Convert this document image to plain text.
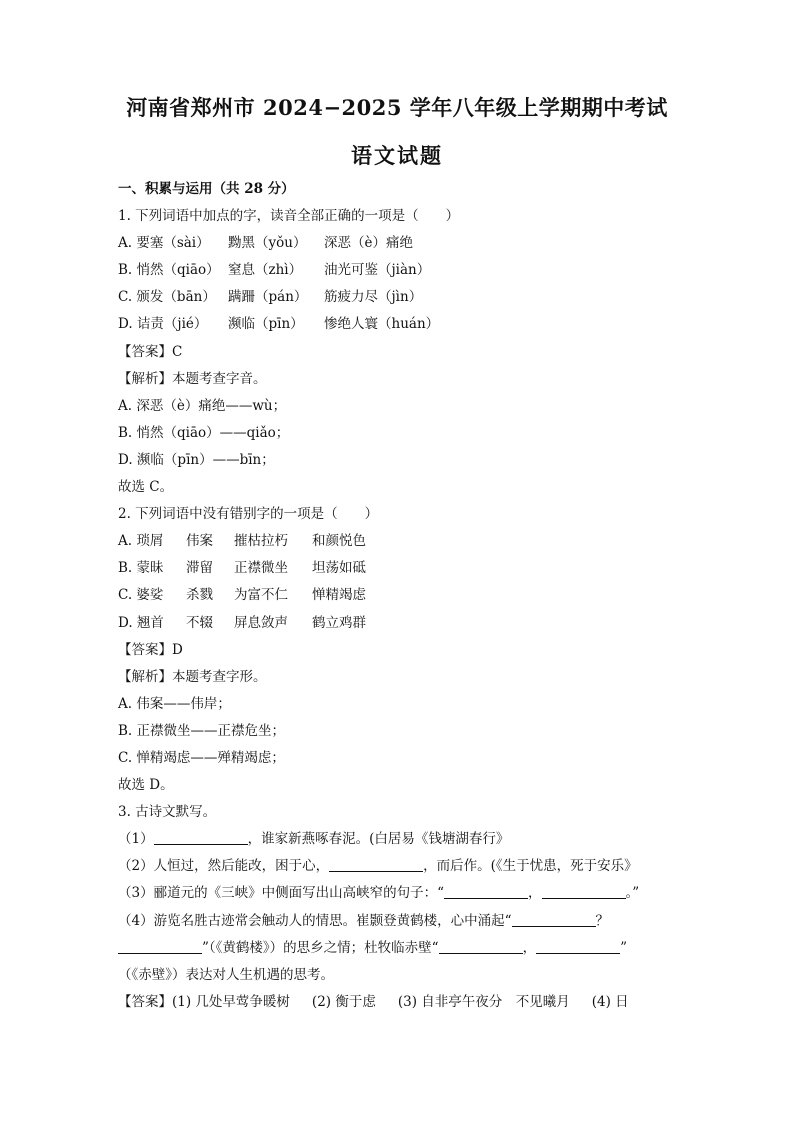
河南省郑州市 2024−2025 学年八年级上学期期中考试
语文试题
一、积累与运用（共 28 分）
1. 下列词语中加点的字，读音全部正确的一项是（　　）
A. 要塞（sài） 黝黑（yǒu） 深恶（è）痛绝
B. 悄然（qiāo） 窒息（zhì） 油光可鉴（jiàn）
C. 颁发（bān） 蹒跚（pán） 筋疲力尽（jìn）
D. 诘责（jié） 濒临（pīn） 惨绝人寰（huán）
【答案】C
【解析】本题考查字音。
A. 深恶（è）痛绝——wù；
B. 悄然（qiāo）——qiǎo；
D. 濒临（pīn）——bīn；
故选 C。
2. 下列词语中没有错别字的一项是（　　）
A. 琐屑 伟案 摧枯拉朽 和颜悦色
B. 蒙昧 滞留 正襟微坐 坦荡如砥
C. 婆娑 杀戮 为富不仁 惮精竭虑
D. 翘首 不辍 屏息敛声 鹤立鸡群
【答案】D
【解析】本题考查字形。
A. 伟案——伟岸；
B. 正襟微坐——正襟危坐；
C. 惮精竭虑——殚精竭虑；
故选 D。
3. 古诗文默写。
（1）	，谁家新燕啄春泥。(白居易《钱塘湖春行》
（2）人恒过，然后能改，困于心，	，而后作。(《生于忧患，死于安乐》
（3）郦道元的《三峡》中侧面写出山高峡窄的句子：“	，	。”
（4）游览名胜古迹常会触动人的情思。崔颢登黄鹤楼，心中涌起“	？
”（《黄鹤楼》）的思乡之情；杜牧临赤壁“	，	”
（《赤壁》）表达对人生机遇的思考。
【答案】(1) 几处早莺争暖树 (2) 衡于虑 (3) 自非亭午夜分　不见曦月 (4) 日
